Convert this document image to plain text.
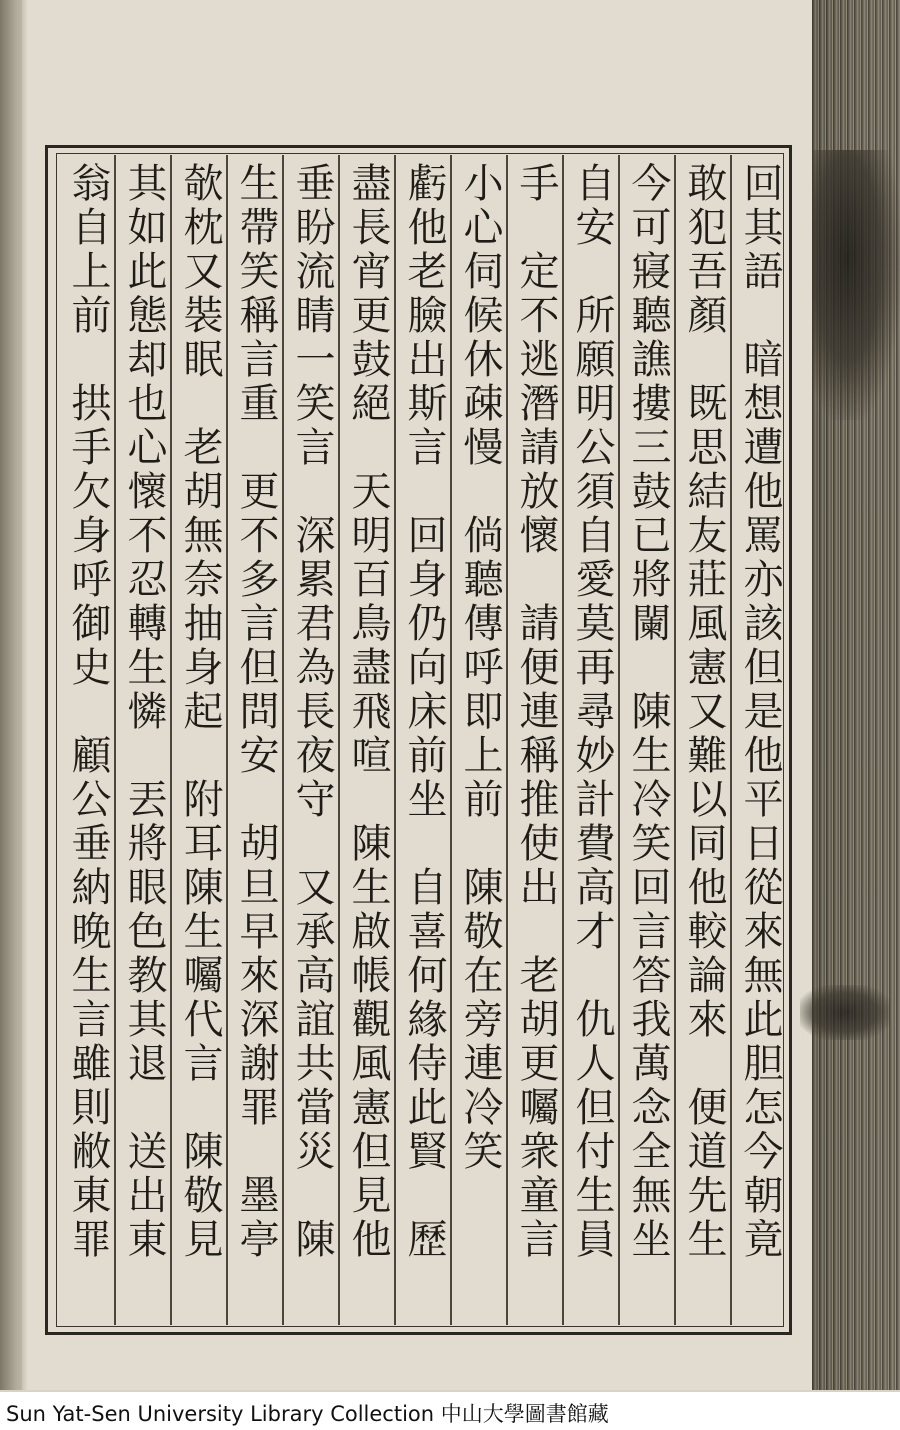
回其語　暗想遭他罵亦該但是他平日從來無此胆怎今朝竟
敢犯吾顏　既思結友莊風憲又難以同他較論來　便道先生
今可寢聽譙摟三鼓已將闌　陳生冷笑回言答我萬念全無坐
自安　所願明公須自愛莫再尋妙計費高才　仇人但付生員
手　定不逃潛請放懷　請便連稱推使出　老胡更囑衆童言
小心伺候休疎慢　倘聽傳呼即上前　陳敬在旁連冷笑
虧他老臉出斯言　回身仍向床前坐　自喜何緣侍此賢　歷
盡長宵更鼓絕　天明百鳥盡飛喧　陳生啟帳觀風憲但見他
垂盼流睛一笑言　深累君為長夜守　又承高誼共當災　陳
生帶笑稱言重　更不多言但問安　胡旦早來深謝罪　墨亭
欹枕又裝眠　老胡無奈抽身起　附耳陳生囑代言　陳敬見
其如此態却也心懷不忍轉生憐　丟將眼色教其退　送出東
翁自上前　拱手欠身呼御史　顧公垂納晚生言雖則敝東罪
Sun Yat-Sen University Library Collection 中山大學圖書館藏
